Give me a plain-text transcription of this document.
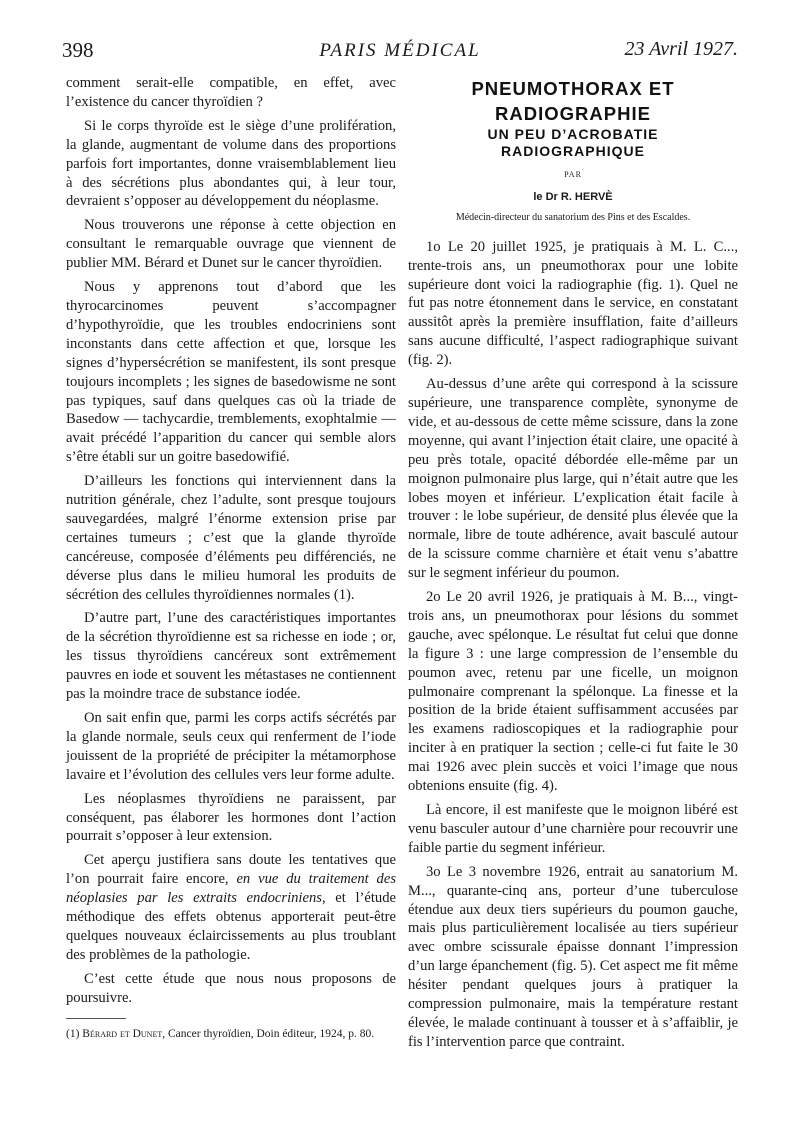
398	PARIS MÉDICAL	23 Avril 1927.

comment serait-elle compatible, en effet, avec l’existence du cancer thyroïdien ?

Si le corps thyroïde est le siège d’une prolifération, la glande, augmentant de volume dans des proportions parfois fort importantes, donne vraisemblablement lieu à des sécrétions plus abondantes qui, à leur tour, devraient s’opposer au développement du néoplasme.

Nous trouverons une réponse à cette objection en consultant le remarquable ouvrage que viennent de publier MM. Bérard et Dunet sur le cancer thyroïdien.

Nous y apprenons tout d’abord que les thyrocarcinomes peuvent s’accompagner d’hypothyroïdie, que les troubles endocriniens sont inconstants dans cette affection et que, lorsque les signes d’hypersécrétion se manifestent, ils sont presque toujours incomplets ; les signes de basedowisme ne sont pas typiques, sauf dans quelques cas où la triade de Basedow — tachycardie, tremblements, exophtalmie — avait précédé l’apparition du cancer qui semble alors s’être établi sur un goitre basedowifié.

D’ailleurs les fonctions qui interviennent dans la nutrition générale, chez l’adulte, sont presque toujours sauvegardées, malgré l’énorme extension prise par certaines tumeurs ; c’est que la glande thyroïde cancéreuse, composée d’éléments peu différenciés, ne déverse plus dans le milieu humoral les produits de sécrétion des cellules thyroïdiennes normales (1).

D’autre part, l’une des caractéristiques importantes de la sécrétion thyroïdienne est sa richesse en iode ; or, les tissus thyroïdiens cancéreux sont extrêmement pauvres en iode et souvent les métastases ne contiennent pas la moindre trace de substance iodée.

On sait enfin que, parmi les corps actifs sécrétés par la glande normale, seuls ceux qui renferment de l’iode jouissent de la propriété de précipiter la métamorphose lavaire et l’évolution des cellules vers leur forme adulte.

Les néoplasmes thyroïdiens ne paraissent, par conséquent, pas élaborer les hormones dont l’action pourrait s’opposer à leur extension.

Cet aperçu justifiera sans doute les tentatives que l’on pourrait faire encore, en vue du traitement des néoplasies par les extraits endocriniens, et l’étude méthodique des effets obtenus apporterait peut-être quelques nouveaux éclaircissements au plus troublant des problèmes de la pathologie.

C’est cette étude que nous nous proposons de poursuivre.

(1) Bérard et Dunet, Cancer thyroïdien, Doin éditeur, 1924, p. 80.
PNEUMOTHORAX ET
RADIOGRAPHIE
UN PEU D’ACROBATIE
RADIOGRAPHIQUE
PAR
le Dr R. HERVÈ
Médecin-directeur du sanatorium des Pins et des Escaldes.

1o Le 20 juillet 1925, je pratiquais à M. L. C..., trente-trois ans, un pneumothorax pour une lobite supérieure dont voici la radiographie (fig. 1). Quel ne fut pas notre étonnement dans le service, en constatant aussitôt après la première insufflation, faite d’ailleurs sans aucune difficulté, l’aspect radiographique suivant (fig. 2).

Au-dessus d’une arête qui correspond à la scissure supérieure, une transparence complète, synonyme de vide, et au-dessous de cette même scissure, dans la zone moyenne, qui avant l’injection était claire, une opacité à peu près totale, opacité débordée elle-même par un moignon pulmonaire plus large, qui n’était autre que les lobes moyen et inférieur. L’explication était facile à trouver : le lobe supérieur, de densité plus élevée que la normale, libre de toute adhérence, avait basculé autour de la scissure comme charnière et était venu s’abattre sur le segment inférieur du poumon.

2o Le 20 avril 1926, je pratiquais à M. B..., vingt-trois ans, un pneumothorax pour lésions du sommet gauche, avec spélonque. Le résultat fut celui que donne la figure 3 : une large compression de l’ensemble du poumon avec, retenu par une ficelle, un moignon pulmonaire comprenant la spélonque. La finesse et la position de la bride étaient suffisamment accusées par les examens radioscopiques et la radiographie pour inciter à en pratiquer la section ; celle-ci fut faite le 30 mai 1926 avec plein succès et voici l’image que nous obtenions ensuite (fig. 4).

Là encore, il est manifeste que le moignon libéré est venu basculer autour d’une charnière pour recouvrir une faible partie du segment inférieur.

3o Le 3 novembre 1926, entrait au sanatorium M. M..., quarante-cinq ans, porteur d’une tuberculose étendue aux deux tiers supérieurs du poumon gauche, mais plus particulièrement localisée au tiers supérieur avec ombre scissurale épaisse donnant l’impression d’un large épanchement (fig. 5). Cet aspect me fit même hésiter pendant quelques jours à pratiquer la compression pulmonaire, mais la température restant élevée, le malade continuant à tousser et à s’affaiblir, je fis l’intervention parce que contraint.
